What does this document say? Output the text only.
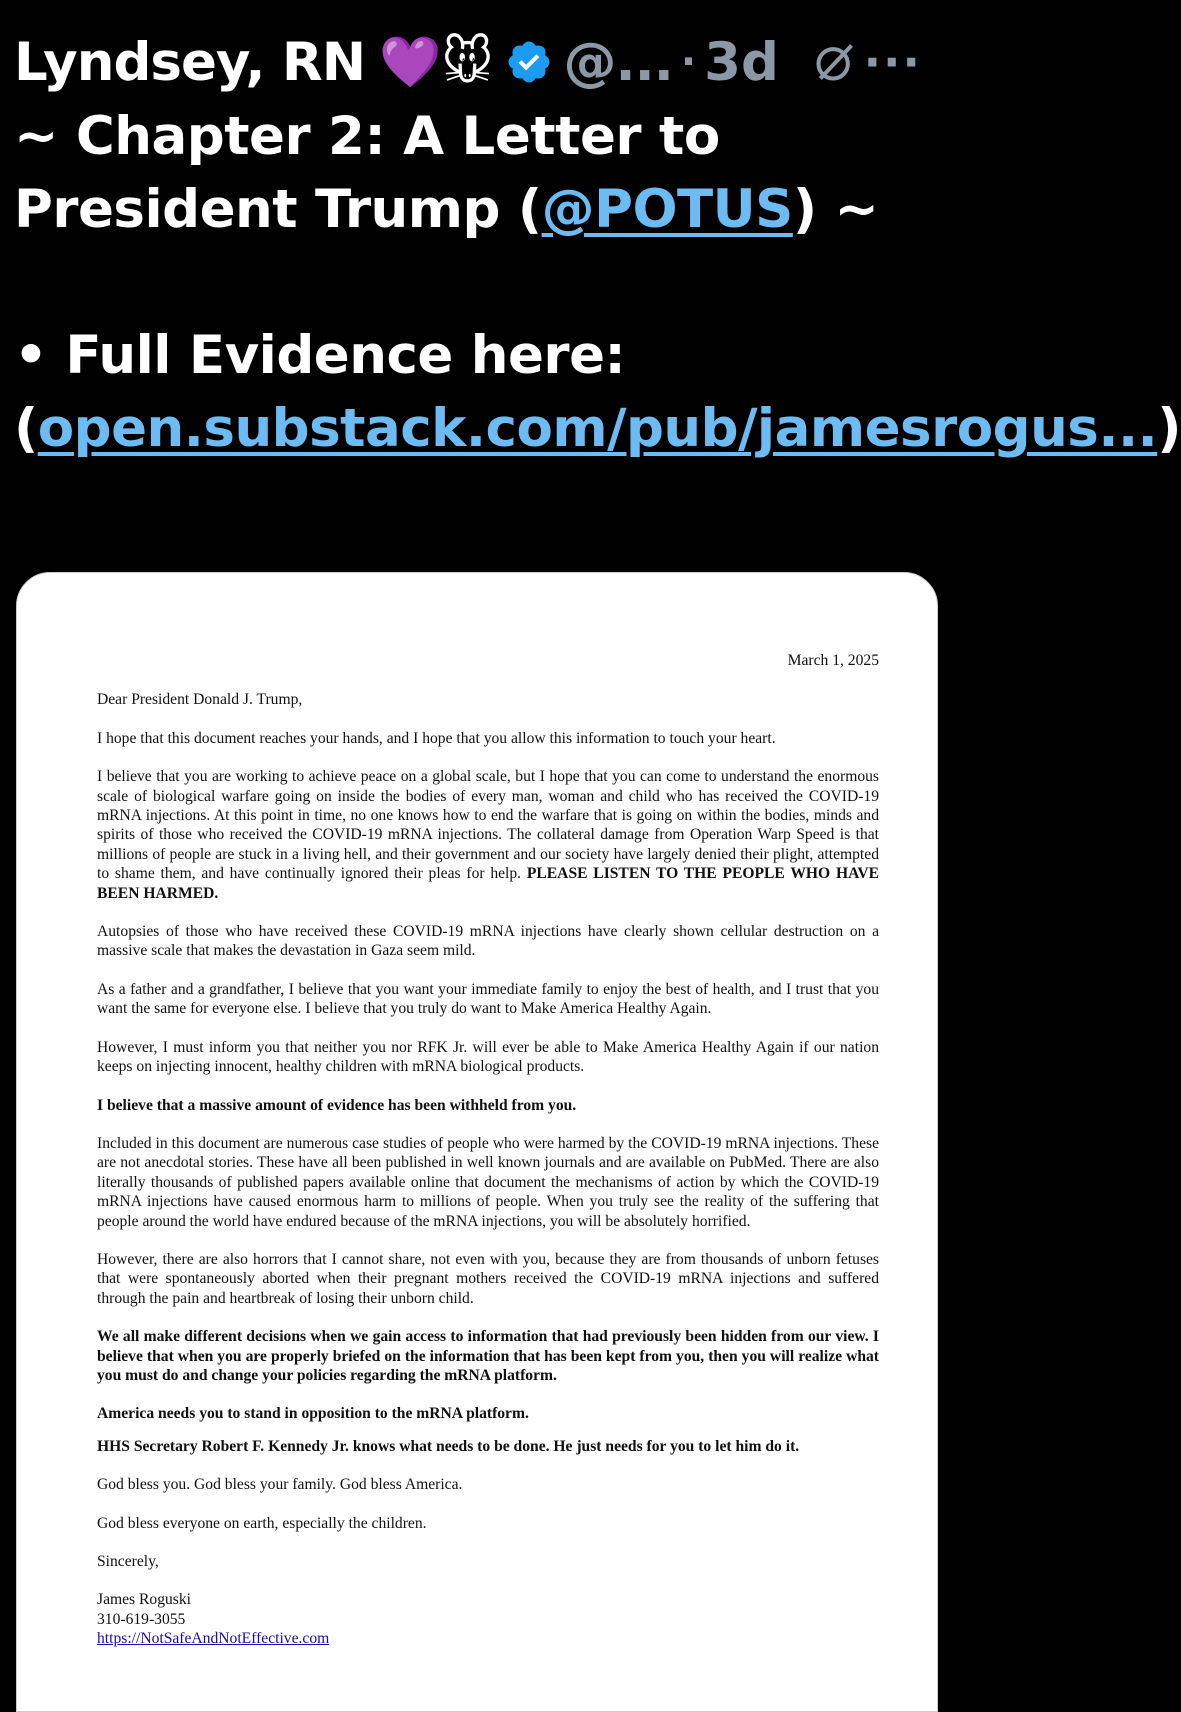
Lyndsey, RN 💜🐭 @... · 3d ···

~ Chapter 2: A Letter to President Trump (@POTUS) ~

• Full Evidence here: (open.substack.com/pub/jamesrogus...)

March 1, 2025

Dear President Donald J. Trump,

I hope that this document reaches your hands, and I hope that you allow this information to touch your heart.

I believe that you are working to achieve peace on a global scale, but I hope that you can come to understand the enormous scale of biological warfare going on inside the bodies of every man, woman and child who has received the COVID-19 mRNA injections. At this point in time, no one knows how to end the warfare that is going on within the bodies, minds and spirits of those who received the COVID-19 mRNA injections. The collateral damage from Operation Warp Speed is that millions of people are stuck in a living hell, and their government and our society have largely denied their plight, attempted to shame them, and have continually ignored their pleas for help. PLEASE LISTEN TO THE PEOPLE WHO HAVE BEEN HARMED.

Autopsies of those who have received these COVID-19 mRNA injections have clearly shown cellular destruction on a massive scale that makes the devastation in Gaza seem mild.

As a father and a grandfather, I believe that you want your immediate family to enjoy the best of health, and I trust that you want the same for everyone else. I believe that you truly do want to Make America Healthy Again.

However, I must inform you that neither you nor RFK Jr. will ever be able to Make America Healthy Again if our nation keeps on injecting innocent, healthy children with mRNA biological products.

I believe that a massive amount of evidence has been withheld from you.

Included in this document are numerous case studies of people who were harmed by the COVID-19 mRNA injections. These are not anecdotal stories. These have all been published in well known journals and are available on PubMed. There are also literally thousands of published papers available online that document the mechanisms of action by which the COVID-19 mRNA injections have caused enormous harm to millions of people. When you truly see the reality of the suffering that people around the world have endured because of the mRNA injections, you will be absolutely horrified.

However, there are also horrors that I cannot share, not even with you, because they are from thousands of unborn fetuses that were spontaneously aborted when their pregnant mothers received the COVID-19 mRNA injections and suffered through the pain and heartbreak of losing their unborn child.

We all make different decisions when we gain access to information that had previously been hidden from our view. I believe that when you are properly briefed on the information that has been kept from you, then you will realize what you must do and change your policies regarding the mRNA platform.

America needs you to stand in opposition to the mRNA platform.

HHS Secretary Robert F. Kennedy Jr. knows what needs to be done. He just needs for you to let him do it.

God bless you. God bless your family. God bless America.

God bless everyone on earth, especially the children.

Sincerely,

James Roguski
310-619-3055
https://NotSafeAndNotEffective.com
